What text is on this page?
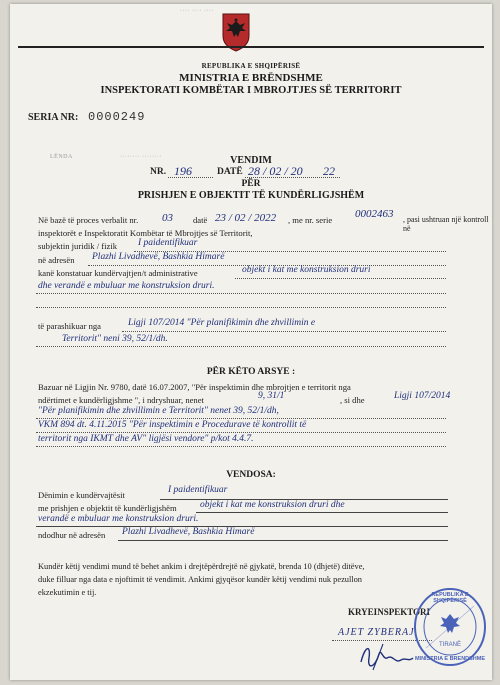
···· ···· ····
REPUBLIKA E SHQIPËRISË
MINISTRIA E BRËNDSHME
INSPEKTORATI KOMBËTAR I MBROJTJES SË TERRITORIT
SERIA NR: 0000249
LËNDA	········ ········	VENDIM
NR. 196	DATË 28 / 02 / 20 22
PËR
PRISHJEN E OBJEKTIT TË KUNDËRLIGJSHËM
Në bazë të proces verbalit nr. 03 datë 23 / 02 / 2022 , me nr. serie 0002463 , pasi ushtruan një kontroll në
inspektorët e Inspektoratit Kombëtar të Mbrojtjes së Territorit,
subjektin juridik / fizik I paidentifikuar
në adresën Plazhi Livadhevë, Bashkia Himarë
kanë konstatuar kundërvajtjen/t administrative	objekt i kat me konstruksion druri
dhe verandë e mbuluar me konstruksion druri.
të parashikuar nga	Ligji 107/2014 "Për planifikimin dhe zhvillimin e
Territorit" neni 39, 52/1/dh.
PËR KËTO ARSYE :
Bazuar në Ligjin Nr. 9780, datë 16.07.2007, "Për inspektimin dhe mbrojtjen e territorit nga
ndërtimet e kundërligjshme ", i ndryshuar, nenet	9, 31/1	, si dhe	Ligji 107/2014
"Për planifikimin dhe zhvillimin e Territorit" nenet 39, 52/1/dh,
VKM 894 dt. 4.11.2015 "Për inspektimin e Procedurave të kontrollit të
territorit nga IKMT dhe AV" ligjësi vendore" p/kot 4.4.7.
VENDOSA:
Dënimin e kundërvajtësit	I paidentifikuar
me prishjen e objektit të kundërligjshëm objekt i kat me konstruksion druri dhe
verandë e mbuluar me konstruksion druri.
ndodhur në adresën Plazhi Livadhevë, Bashkia Himarë
Kundër këtij vendimi mund të behet ankim i drejtëpërdrejtë në gjykatë, brenda 10 (dhjetë) ditëve,
duke filluar nga data e njoftimit të vendimit. Ankimi gjyqësor kundër këtij vendimi nuk pezullon
ekzekutimin e tij.
KRYEINSPEKTORI
AJET ZYBERAJ
TIRANË
REPUBLIKA E SHQIPËRISË
MINISTRIA E BRENDSHME
